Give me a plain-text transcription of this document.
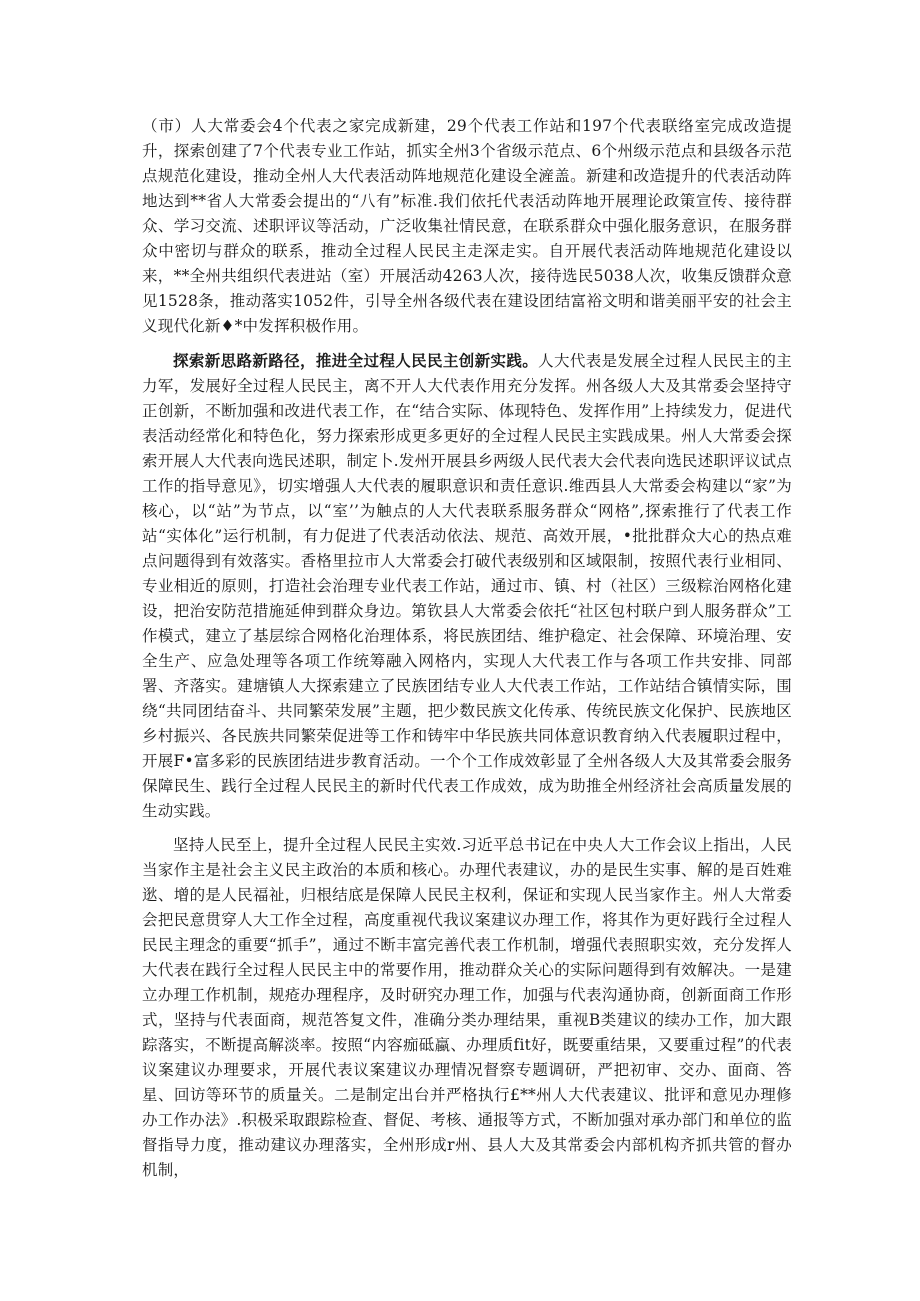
（市）人大常委会4个代表之家完成新建，29个代表工作站和197个代表联络室完成改造提升，探索创建了7个代表专业工作站，抓实全州3个省级示范点、6个州级示范点和县级各示范点规范化建设，推动全州人大代表活动阵地规范化建设全滻盖。新建和改造提升的代表活动阵地达到**省人大常委会提出的“八有”标准.我们依托代表活动阵地开展理论政策宣传、接待群众、学习交流、述职评议等活动，广泛收集社情民意，在联系群众中强化服务意识，在服务群众中密切与群众的联系，推动全过程人民民主走深走实。自开展代表活动阵地规范化建设以来，**全州共组织代表进站（室）开展活动4263人次，接待选民5038人次，收集反馈群众意见1528条，推动落实1052件，引导全州各级代表在建设团结富裕文明和谐美丽平安的社会主义现代化新♦*中发挥积极作用。

探索新思路新路径，推进全过程人民民主创新实践。人大代表是发展全过程人民民主的主力军，发展好全过程人民民主，离不开人大代表作用充分发挥。州各级人大及其常委会坚持守正创新，不断加强和改进代表工作，在“结合实际、体现特色、发挥作用”上持续发力，促进代表活动经常化和特色化，努力探索形成更多更好的全过程人民民主实践成果。州人大常委会探索开展人大代表向选民述职，制定卜.发州开展县乡两级人民代表大会代表向选民述职评议试点工作的指导意见》，切实增强人大代表的履职意识和责任意识.维西县人大常委会构建以“家”为核心，以“站”为节点，以“室’’为触点的人大代表联系服务群众“网格”,探索推行了代表工作站“实体化”运行机制，有力促进了代表活动依法、规范、高效开展，•批批群众大心的热点难点问题得到有效落实。香格里拉市人大常委会打破代表级别和区域限制，按照代表行业相同、专业相近的原则，打造社会治理专业代表工作站，通过市、镇、村（社区）三级粽治网格化建设，把治安防范措施延伸到群众身边。第钦县人大常委会依托“社区包村联户到人服务群众”工作模式，建立了基层综合网格化治理体系，将民族团结、维护稳定、社会保障、环境治理、安全生产、应急处理等各项工作统筹融入网格内，实现人大代表工作与各项工作共安排、同部署、齐落实。建塘镇人大探索建立了民族团结专业人大代表工作站，工作站结合镇情实际，围绕“共同团结奋斗、共同繁荣发展”主题，把少数民族文化传承、传统民族文化保护、民族地区乡村振兴、各民族共同繁荣促进等工作和铸牢中华民族共同体意识教育纳入代表履职过程中，开展F•富多彩的民族团结进步教育活动。一个个工作成效彰显了全州各级人大及其常委会服务保障民生、践行全过程人民民主的新时代代表工作成效，成为助推全州经济社会高质量发展的生动实践。

坚持人民至上，提升全过程人民民主实效.习近平总书记在中央人大工作会议上指出，人民当家作主是社会主义民主政治的本质和核心。办理代表建议，办的是民生实事、解的是百姓难逖、增的是人民福祉，归根结底是保障人民民主权利，保证和实现人民当家作主。州人大常委会把民意贯穿人大工作全过程，高度重视代我议案建议办理工作，将其作为更好践行全过程人民民主理念的重要“抓手”，通过不断丰富完善代表工作机制，增强代表照职实效，充分发挥人大代表在践行全过程人民民主中的常要作用，推动群众关心的实际问题得到有效解决。一是建立办理工作机制，规疮办理程序，及时研究办理工作，加强与代表沟通协商，创新面商工作形式，坚持与代表面商，规范答复文件，准确分类办理结果，重视B类建议的续办工作，加大跟踪落实，不断提高解淡率。按照“内容痂砥蠃、办理质fit好，既要重结果，又要重过程”的代表议案建议办理要求，开展代表议案建议办理情况督察专题调研，严把初审、交办、面商、答星、回访等环节的质量关。二是制定出台并严格执行£**州人大代表建议、批评和意见办理修办工作办法》.积极采取跟踪检查、督促、考核、通报等方式，不断加强对承办部门和单位的监督指导力度，推动建议办理落实，全州形成r州、县人大及其常委会内部机构齐抓共管的督办机制，
